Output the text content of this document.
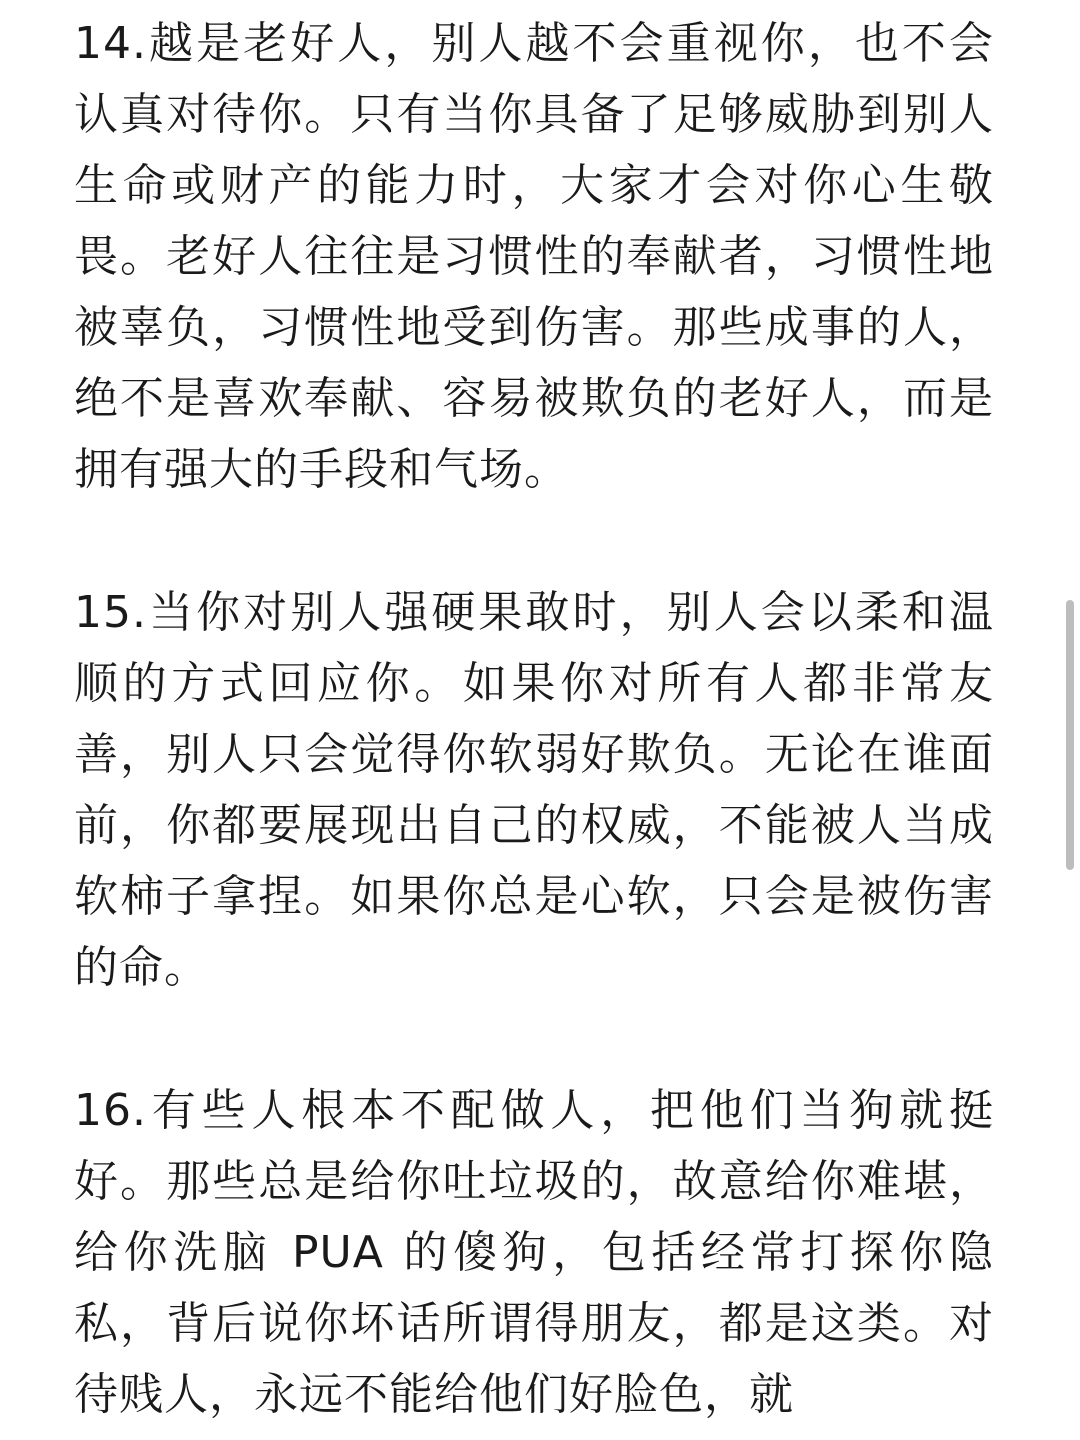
14.越是老好人，别人越不会重视你，也不会认真对待你。只有当你具备了足够威胁到别人生命或财产的能力时，大家才会对你心生敬畏。老好人往往是习惯性的奉献者，习惯性地被辜负，习惯性地受到伤害。那些成事的人，绝不是喜欢奉献、容易被欺负的老好人，而是拥有强大的手段和气场。

15.当你对别人强硬果敢时，别人会以柔和温顺的方式回应你。如果你对所有人都非常友善，别人只会觉得你软弱好欺负。无论在谁面前，你都要展现出自己的权威，不能被人当成软柿子拿捏。如果你总是心软，只会是被伤害的命。

16.有些人根本不配做人，把他们当狗就挺好。那些总是给你吐垃圾的，故意给你难堪，给你洗脑 PUA 的傻狗，包括经常打探你隐私，背后说你坏话所谓得朋友，都是这类。对待贱人，永远不能给他们好脸色，就
